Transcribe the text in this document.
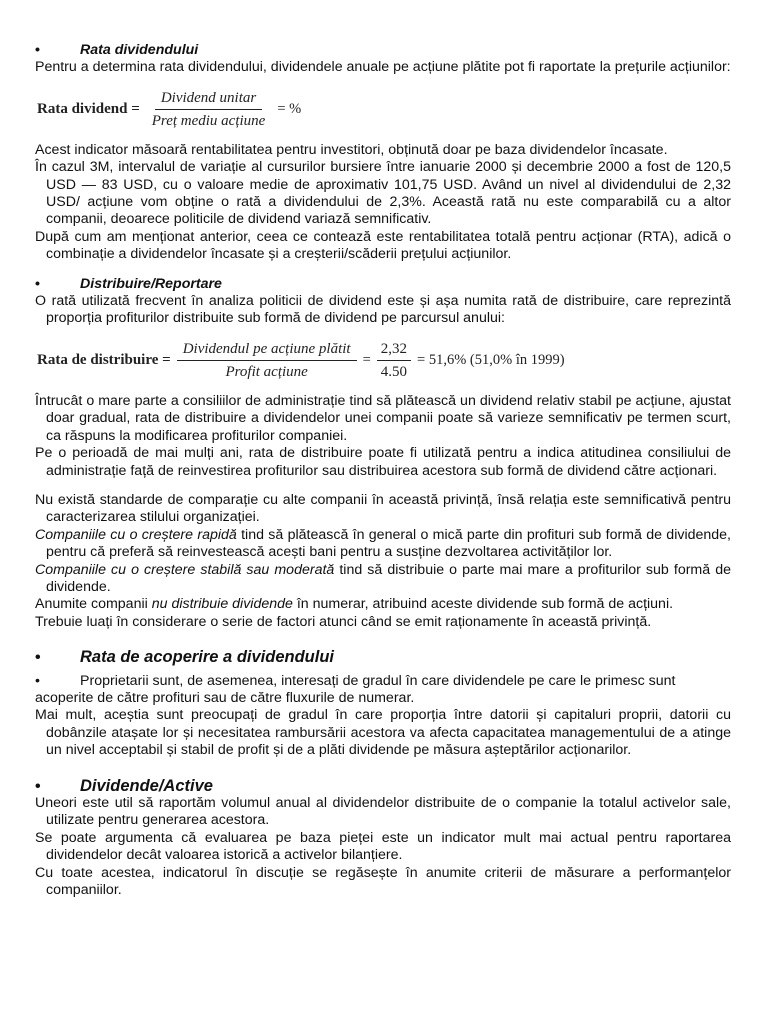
•	Rata dividendului

Pentru a determina rata dividendului, dividendele anuale pe acțiune plătite pot fi raportate la prețurile acțiunilor:

Rata dividend = $\frac{\text{Dividend unitar}}{\text{Preț mediu acțiune}}$ = %

Acest indicator măsoară rentabilitatea pentru investitori, obținută doar pe baza dividendelor încasate.

În cazul 3M, intervalul de variație al cursurilor bursiere între ianuarie 2000 și decembrie 2000 a fost de 120,5 USD — 83 USD, cu o valoare medie de aproximativ 101,75 USD. Având un nivel al dividendului de 2,32 USD/ acțiune vom obține o rată a dividendului de 2,3%. Această rată nu este comparabilă cu a altor companii, deoarece politicile de dividend variază semnificativ.

După cum am menționat anterior, ceea ce contează este rentabilitatea totală pentru acționar (RTA), adică o combinație a dividendelor încasate și a creșterii/scăderii prețului acțiunilor.

•	Distribuire/Reportare

O rată utilizată frecvent în analiza politicii de dividend este și așa numita rată de distribuire, care reprezintă proporția profiturilor distribuite sub formă de dividend pe parcursul anului:

Rata de distribuire = $\frac{\text{Dividendul pe acțiune plătit}}{\text{Profit acțiune}} = \frac{2,32}{4.50} = 51,6\%$ (51,0% în 1999)

Întrucât o mare parte a consiliilor de administrație tind să plătească un dividend relativ stabil pe acțiune, ajustat doar gradual, rata de distribuire a dividendelor unei companii poate să varieze semnificativ pe termen scurt, ca răspuns la modificarea profiturilor companiei.

Pe o perioadă de mai mulți ani, rata de distribuire poate fi utilizată pentru a indica atitudinea consiliului de administrație față de reinvestirea profiturilor sau distribuirea acestora sub formă de dividend către acționari.

Nu există standarde de comparație cu alte companii în această privință, însă relația este semnificativă pentru caracterizarea stilului organizației.

Companiile cu o creștere rapidă tind să plătească în general o mică parte din profituri sub formă de dividende, pentru că preferă să reinvestească acești bani pentru a susține dezvoltarea activităților lor.

Companiile cu o creștere stabilă sau moderată tind să distribuie o parte mai mare a profiturilor sub formă de dividende.

Anumite companii nu distribuie dividende în numerar, atribuind aceste dividende sub formă de acțiuni.

Trebuie luați în considerare o serie de factori atunci când se emit raționamente în această privință.

•	Rata de acoperire a dividendului

•	Proprietarii sunt, de asemenea, interesați de gradul în care dividendele pe care le primesc sunt

acoperite de către profituri sau de către fluxurile de numerar.

Mai mult, aceștia sunt preocupați de gradul în care proporția între datorii și capitaluri proprii, datorii cu dobânzile atașate lor și necesitatea rambursării acestora va afecta capacitatea managementului de a atinge un nivel acceptabil și stabil de profit și de a plăti dividende pe măsura așteptărilor acționarilor.

•	Dividende/Active

Uneori este util să raportăm volumul anual al dividendelor distribuite de o companie la totalul activelor sale, utilizate pentru generarea acestora.

Se poate argumenta că evaluarea pe baza pieței este un indicator mult mai actual pentru raportarea dividendelor decât valoarea istorică a activelor bilanțiere.

Cu toate acestea, indicatorul în discuție se regăsește în anumite criterii de măsurare a performanțelor companiilor.
